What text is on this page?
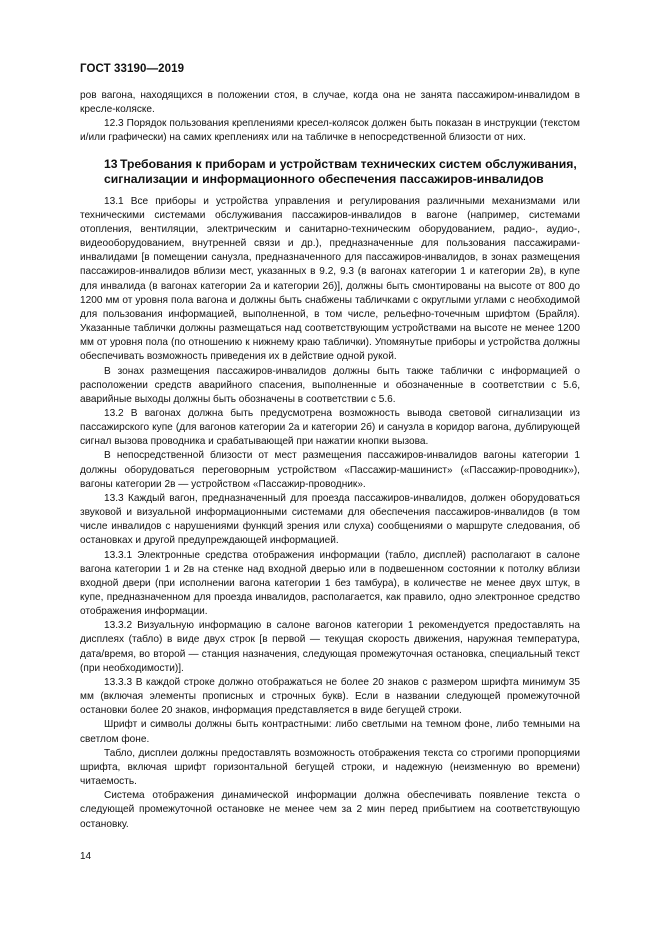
ГОСТ 33190—2019

ров вагона, находящихся в положении стоя, в случае, когда она не занята пассажиром-инвалидом в кресле-коляске.

12.3 Порядок пользования креплениями кресел-колясок должен быть показан в инструкции (текстом и/или графически) на самих креплениях или на табличке в непосредственной близости от них.

13 Требования к приборам и устройствам технических систем обслуживания, сигнализации и информационного обеспечения пассажиров-инвалидов

13.1 Все приборы и устройства управления и регулирования различными механизмами или техническими системами обслуживания пассажиров-инвалидов в вагоне (например, системами отопления, вентиляции, электрическим и санитарно-техническим оборудованием, радио-, аудио-, видеооборудованием, внутренней связи и др.), предназначенные для пользования пассажирами-инвалидами [в помещении санузла, предназначенного для пассажиров-инвалидов, в зонах размещения пассажиров-инвалидов вблизи мест, указанных в 9.2, 9.3 (в вагонах категории 1 и категории 2в), в купе для инвалида (в вагонах категории 2а и категории 2б)], должны быть смонтированы на высоте от 800 до 1200 мм от уровня пола вагона и должны быть снабжены табличками с округлыми углами с необходимой для пользования информацией, выполненной, в том числе, рельефно-точечным шрифтом (Брайля). Указанные таблички должны размещаться над соответствующим устройствами на высоте не менее 1200 мм от уровня пола (по отношению к нижнему краю таблички). Упомянутые приборы и устройства должны обеспечивать возможность приведения их в действие одной рукой.

В зонах размещения пассажиров-инвалидов должны быть также таблички с информацией о расположении средств аварийного спасения, выполненные и обозначенные в соответствии с 5.6, аварийные выходы должны быть обозначены в соответствии с 5.6.

13.2 В вагонах должна быть предусмотрена возможность вывода световой сигнализации из пассажирского купе (для вагонов категории 2а и категории 2б) и санузла в коридор вагона, дублирующей сигнал вызова проводника и срабатывающей при нажатии кнопки вызова.

В непосредственной близости от мест размещения пассажиров-инвалидов вагоны категории 1 должны оборудоваться переговорным устройством «Пассажир-машинист» («Пассажир-проводник»), вагоны категории 2в — устройством «Пассажир-проводник».

13.3 Каждый вагон, предназначенный для проезда пассажиров-инвалидов, должен оборудоваться звуковой и визуальной информационными системами для обеспечения пассажиров-инвалидов (в том числе инвалидов с нарушениями функций зрения или слуха) сообщениями о маршруте следования, об остановках и другой предупреждающей информацией.

13.3.1 Электронные средства отображения информации (табло, дисплей) располагают в салоне вагона категории 1 и 2в на стенке над входной дверью или в подвешенном состоянии к потолку вблизи входной двери (при исполнении вагона категории 1 без тамбура), в количестве не менее двух штук, в купе, предназначенном для проезда инвалидов, располагается, как правило, одно электронное средство отображения информации.

13.3.2 Визуальную информацию в салоне вагонов категории 1 рекомендуется предоставлять на дисплеях (табло) в виде двух строк [в первой — текущая скорость движения, наружная температура, дата/время, во второй — станция назначения, следующая промежуточная остановка, специальный текст (при необходимости)].

13.3.3 В каждой строке должно отображаться не более 20 знаков с размером шрифта минимум 35 мм (включая элементы прописных и строчных букв). Если в названии следующей промежуточной остановки более 20 знаков, информация представляется в виде бегущей строки.

Шрифт и символы должны быть контрастными: либо светлыми на темном фоне, либо темными на светлом фоне.

Табло, дисплеи должны предоставлять возможность отображения текста со строгими пропорциями шрифта, включая шрифт горизонтальной бегущей строки, и надежную (неизменную во времени) читаемость.

Система отображения динамической информации должна обеспечивать появление текста о следующей промежуточной остановке не менее чем за 2 мин перед прибытием на соответствующую остановку.

14
